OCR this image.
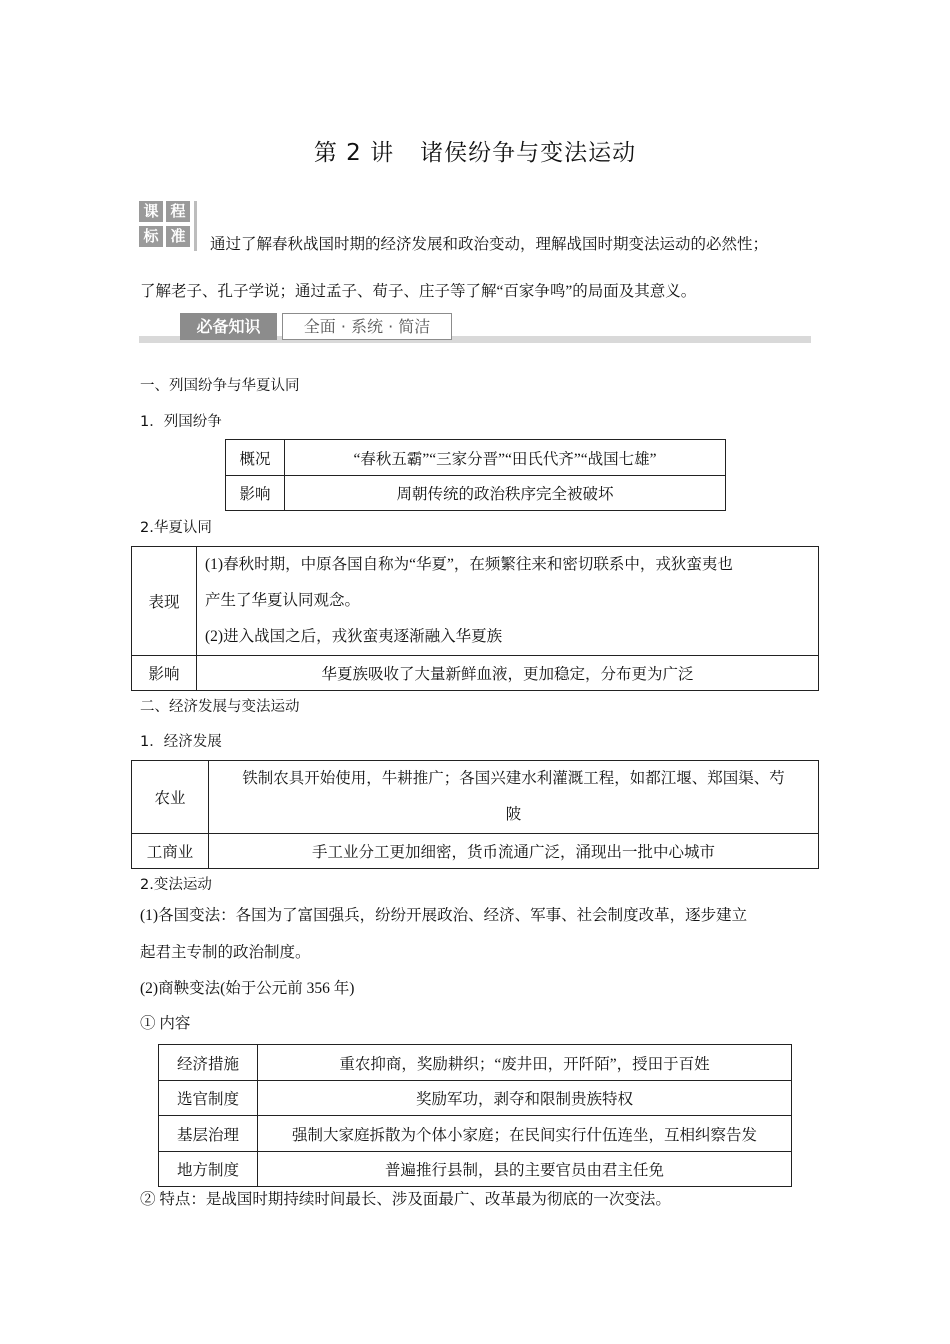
第 2 讲 诸侯纷争与变法运动
课 程
标 准 通过了解春秋战国时期的经济发展和政治变动，理解战国时期变法运动的必然性；
了解老子、孔子学说；通过孟子、荀子、庄子等了解“百家争鸣”的局面及其意义。
必备知识	全面 · 系统 · 简洁
一、列国纷争与华夏认同
1．列国纷争
概况	“春秋五霸”“三家分晋”“田氏代齐”“战国七雄”
影响	周朝传统的政治秩序完全被破坏
2.华夏认同
表现	(1)春秋时期，中原各国自称为“华夏”，在频繁往来和密切联系中，戎狄蛮夷也
产生了华夏认同观念。
(2)进入战国之后，戎狄蛮夷逐渐融入华夏族

影响	华夏族吸收了大量新鲜血液，更加稳定，分布更为广泛
二、经济发展与变法运动
1．经济发展
农业	铁制农具开始使用，牛耕推广；各国兴建水利灌溉工程，如都江堰、郑国渠、芍
陂

工商业	手工业分工更加细密，货币流通广泛，涌现出一批中心城市
2.变法运动
(1)各国变法：各国为了富国强兵，纷纷开展政治、经济、军事、社会制度改革，逐步建立
起君主专制的政治制度。
(2)商鞅变法(始于公元前 356 年)
① 内容
经济措施	重农抑商，奖励耕织；“废井田，开阡陌”，授田于百姓
选官制度	奖励军功，剥夺和限制贵族特权
基层治理	强制大家庭拆散为个体小家庭；在民间实行什伍连坐，互相纠察告发
地方制度	普遍推行县制，县的主要官员由君主任免
② 特点：是战国时期持续时间最长、涉及面最广、改革最为彻底的一次变法。
